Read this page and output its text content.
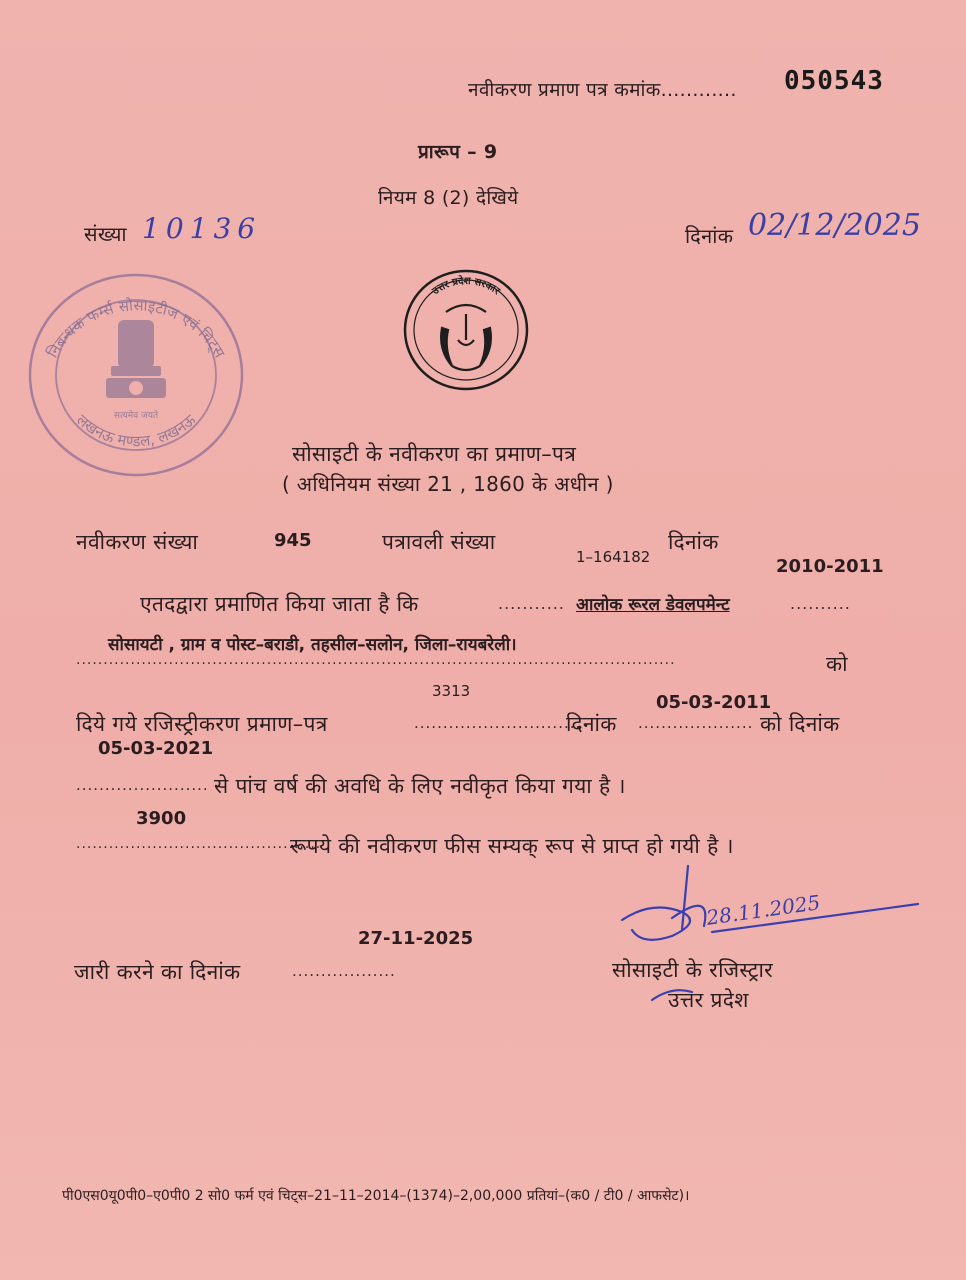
नवीकरण प्रमाण पत्र कमांक............ 050543
प्रारूप – 9
नियम 8 (2) देखिये
संख्या 10136	दिनांक 02/12/2025
सत्यमेव जयते
निबन्धक फर्म्स सोसाइटीज एवं चिट्स
लखनऊ मण्डल, लखनऊ
उत्तर प्रदेश सरकार
सोसाइटी के नवीकरण का प्रमाण–पत्र
( अधिनियम संख्या 21 , 1860 के अधीन )
नवीकरण संख्या	945	पत्रावली संख्या
1–164182
दिनांक
2010-2011
एतदद्वारा प्रमाणित किया जाता है कि	........... आलोक रूरल डेवलपमेन्ट	..........
सोसायटी , ग्राम व पोस्ट–बराडी, तहसील–सलोन, जिला–रायबरेली।
..............................................................................................................	को
3313
05-03-2011
दिये गये रजिस्ट्रीकरण प्रमाण–पत्र	.............................
दिनांक .................... को दिनांक
05-03-2021
....................... से पांच वर्ष की अवधि के लिए नवीकृत किया गया है ।
3900
.............................................
रूपये की नवीकरण फीस सम्यक् रूप से प्राप्त हो गयी है ।
27-11-2025
जारी करने का दिनांक	..................
28.11.2025
सोसाइटी के रजिस्ट्रार
उत्तर प्रदेश
पी0एस0यू0पी0–ए0पी0 2 सो0 फर्म एवं चिट्स–21–11–2014–(1374)–2,00,000 प्रतियां–(क0 / टी0 / आफसेट)।
